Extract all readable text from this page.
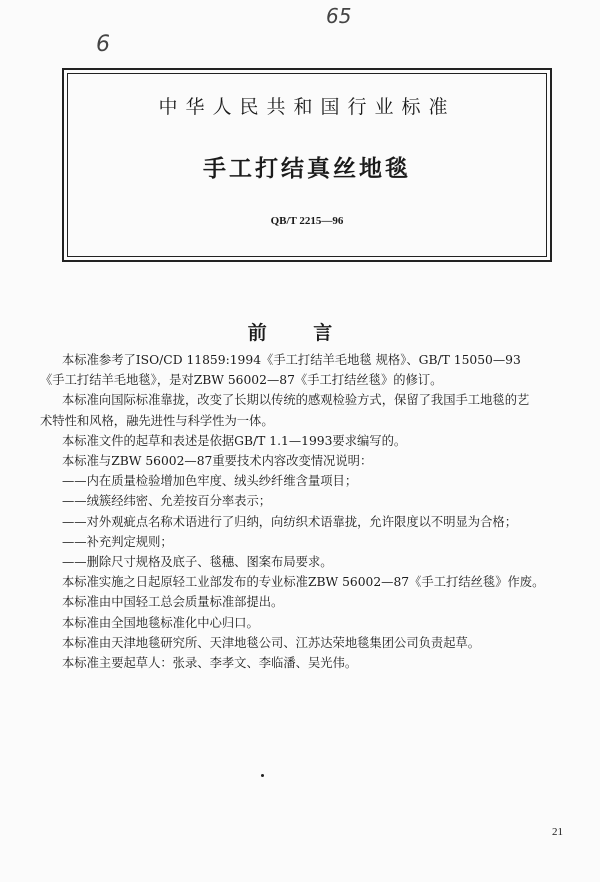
6
65
中华人民共和国行业标准
手工打结真丝地毯
QB/T 2215—96
前 言
本标准参考了ISO/CD 11859:1994《手工打结羊毛地毯 规格》、GB/T 15050—93
《手工打结羊毛地毯》，是对ZBW 56002—87《手工打结丝毯》的修订。
本标准向国际标准靠拢，改变了长期以传统的感观检验方式，保留了我国手工地毯的艺
术特性和风格，融先进性与科学性为一体。
本标准文件的起草和表述是依据GB/T 1.1—1993要求编写的。
本标准与ZBW 56002—87重要技术内容改变情况说明：
——内在质量检验增加色牢度、绒头纱纤维含量项目；
——绒簇经纬密、允差按百分率表示；
——对外观疵点名称术语进行了归纳，向纺织术语靠拢，允许限度以不明显为合格；
——补充判定规则；
——删除尺寸规格及底子、毯穗、图案布局要求。
本标准实施之日起原轻工业部发布的专业标准ZBW 56002—87《手工打结丝毯》作废。
本标准由中国轻工总会质量标准部提出。
本标准由全国地毯标准化中心归口。
本标准由天津地毯研究所、天津地毯公司、江苏达荣地毯集团公司负责起草。
本标准主要起草人：张录、李孝文、李临潘、吴光伟。
21
